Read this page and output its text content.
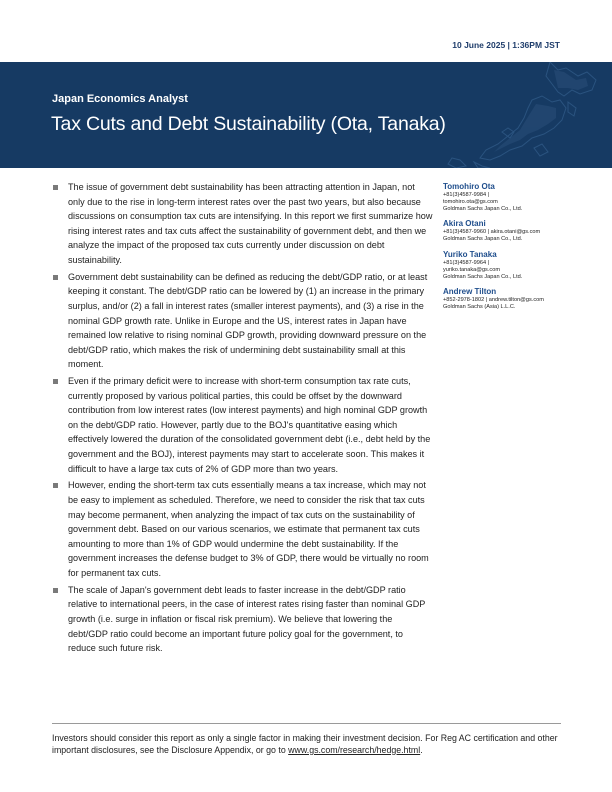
10 June 2025 | 1:36PM JST
Japan Economics Analyst
Tax Cuts and Debt Sustainability (Ota, Tanaka)
The issue of government debt sustainability has been attracting attention in Japan, not only due to the rise in long-term interest rates over the past two years, but also because discussions on consumption tax cuts are intensifying. In this report we first summarize how rising interest rates and tax cuts affect the sustainability of government debt, and then we analyze the impact of the proposed tax cuts currently under discussion on debt sustainability.
Government debt sustainability can be defined as reducing the debt/GDP ratio, or at least keeping it constant. The debt/GDP ratio can be lowered by (1) an increase in the primary surplus, and/or (2) a fall in interest rates (smaller interest payments), and (3) a rise in the nominal GDP growth rate. Unlike in Europe and the US, interest rates in Japan have remained low relative to rising nominal GDP growth, providing downward pressure on the debt/GDP ratio, which makes the risk of undermining debt sustainability small at this moment.
Even if the primary deficit were to increase with short-term consumption tax rate cuts, currently proposed by various political parties, this could be offset by the downward contribution from low interest rates (low interest payments) and high nominal GDP growth on the debt/GDP ratio. However, partly due to the BOJ's quantitative easing which effectively lowered the duration of the consolidated government debt (i.e., debt held by the government and the BOJ), interest payments may start to accelerate soon. This makes it difficult to have a large tax cuts of 2% of GDP more than two years.
However, ending the short-term tax cuts essentially means a tax increase, which may not be easy to implement as scheduled. Therefore, we need to consider the risk that tax cuts may become permanent, when analyzing the impact of tax cuts on the sustainability of government debt. Based on our various scenarios, we estimate that permanent tax cuts amounting to more than 1% of GDP would undermine the debt sustainability. If the government increases the defense budget to 3% of GDP, there would be virtually no room for permanent tax cuts.
The scale of Japan's government debt leads to faster increase in the debt/GDP ratio relative to international peers, in the case of interest rates rising faster than nominal GDP growth (i.e. surge in inflation or fiscal risk premium). We believe that lowering the debt/GDP ratio could become an important future policy goal for the government, to reduce such future risk.
Tomohiro Ota
+81(3)4587-9984 |
tomohiro.ota@gs.com
Goldman Sachs Japan Co., Ltd.
Akira Otani
+81(3)4587-9960 | akira.otani@gs.com
Goldman Sachs Japan Co., Ltd.
Yuriko Tanaka
+81(3)4587-9964 |
yuriko.tanaka@gs.com
Goldman Sachs Japan Co., Ltd.
Andrew Tilton
+852-2978-1802 | andrew.tilton@gs.com
Goldman Sachs (Asia) L.L.C.
Investors should consider this report as only a single factor in making their investment decision. For Reg AC certification and other important disclosures, see the Disclosure Appendix, or go to www.gs.com/research/hedge.html.
